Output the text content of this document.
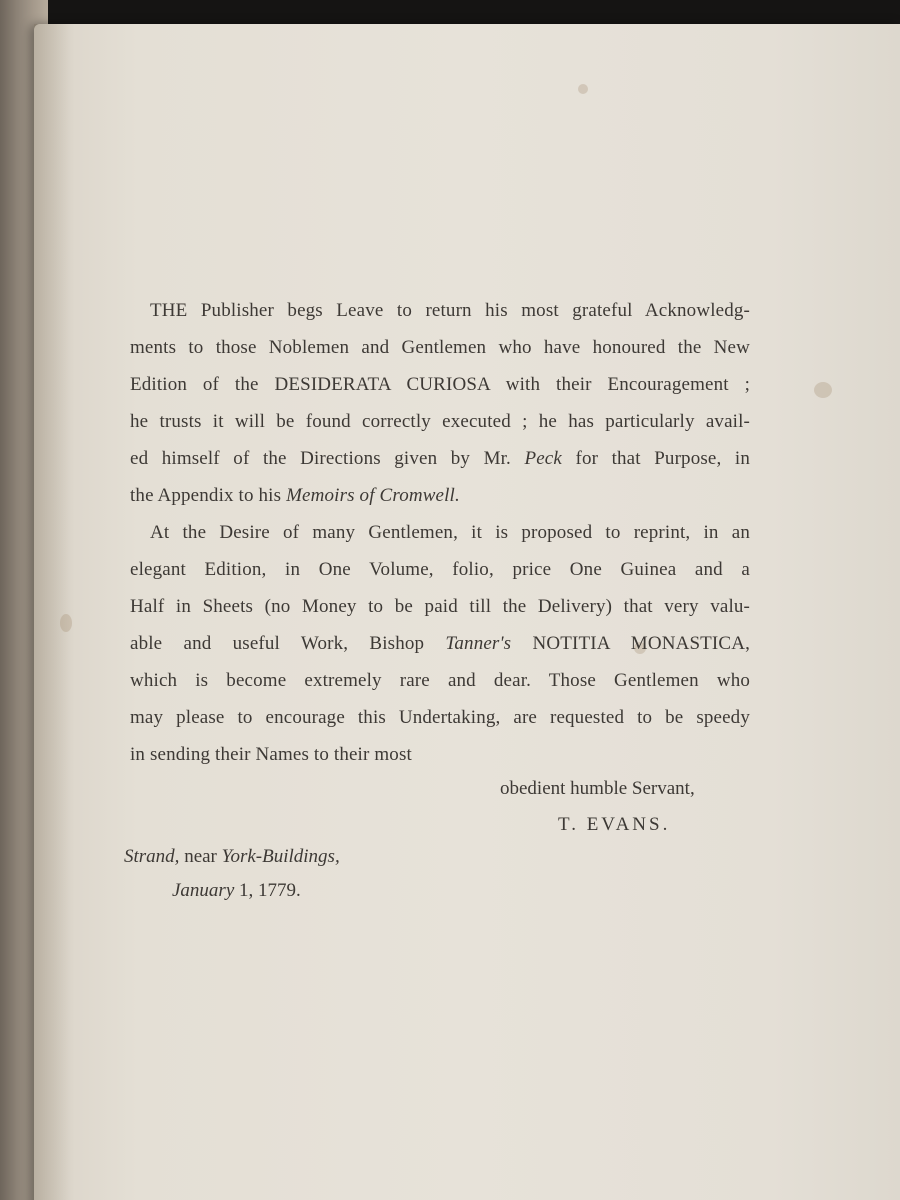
THE Publisher begs Leave to return his most grateful Acknowledg-
ments to those Noblemen and Gentlemen who have honoured the New
Edition of the DESIDERATA CURIOSA with their Encouragement ;
he trusts it will be found correctly executed ; he has particularly avail-
ed himself of the Directions given by Mr. Peck for that Purpose, in
the Appendix to his Memoirs of Cromwell.
At the Desire of many Gentlemen, it is proposed to reprint, in an
elegant Edition, in One Volume, folio, price One Guinea and a
Half in Sheets (no Money to be paid till the Delivery) that very valu-
able and useful Work, Bishop Tanner's NOTITIA MONASTICA,
which is become extremely rare and dear. Those Gentlemen who
may please to encourage this Undertaking, are requested to be speedy
in sending their Names to their most
obedient humble Servant,
T. EVANS.
Strand, near York-Buildings,
January 1, 1779.
